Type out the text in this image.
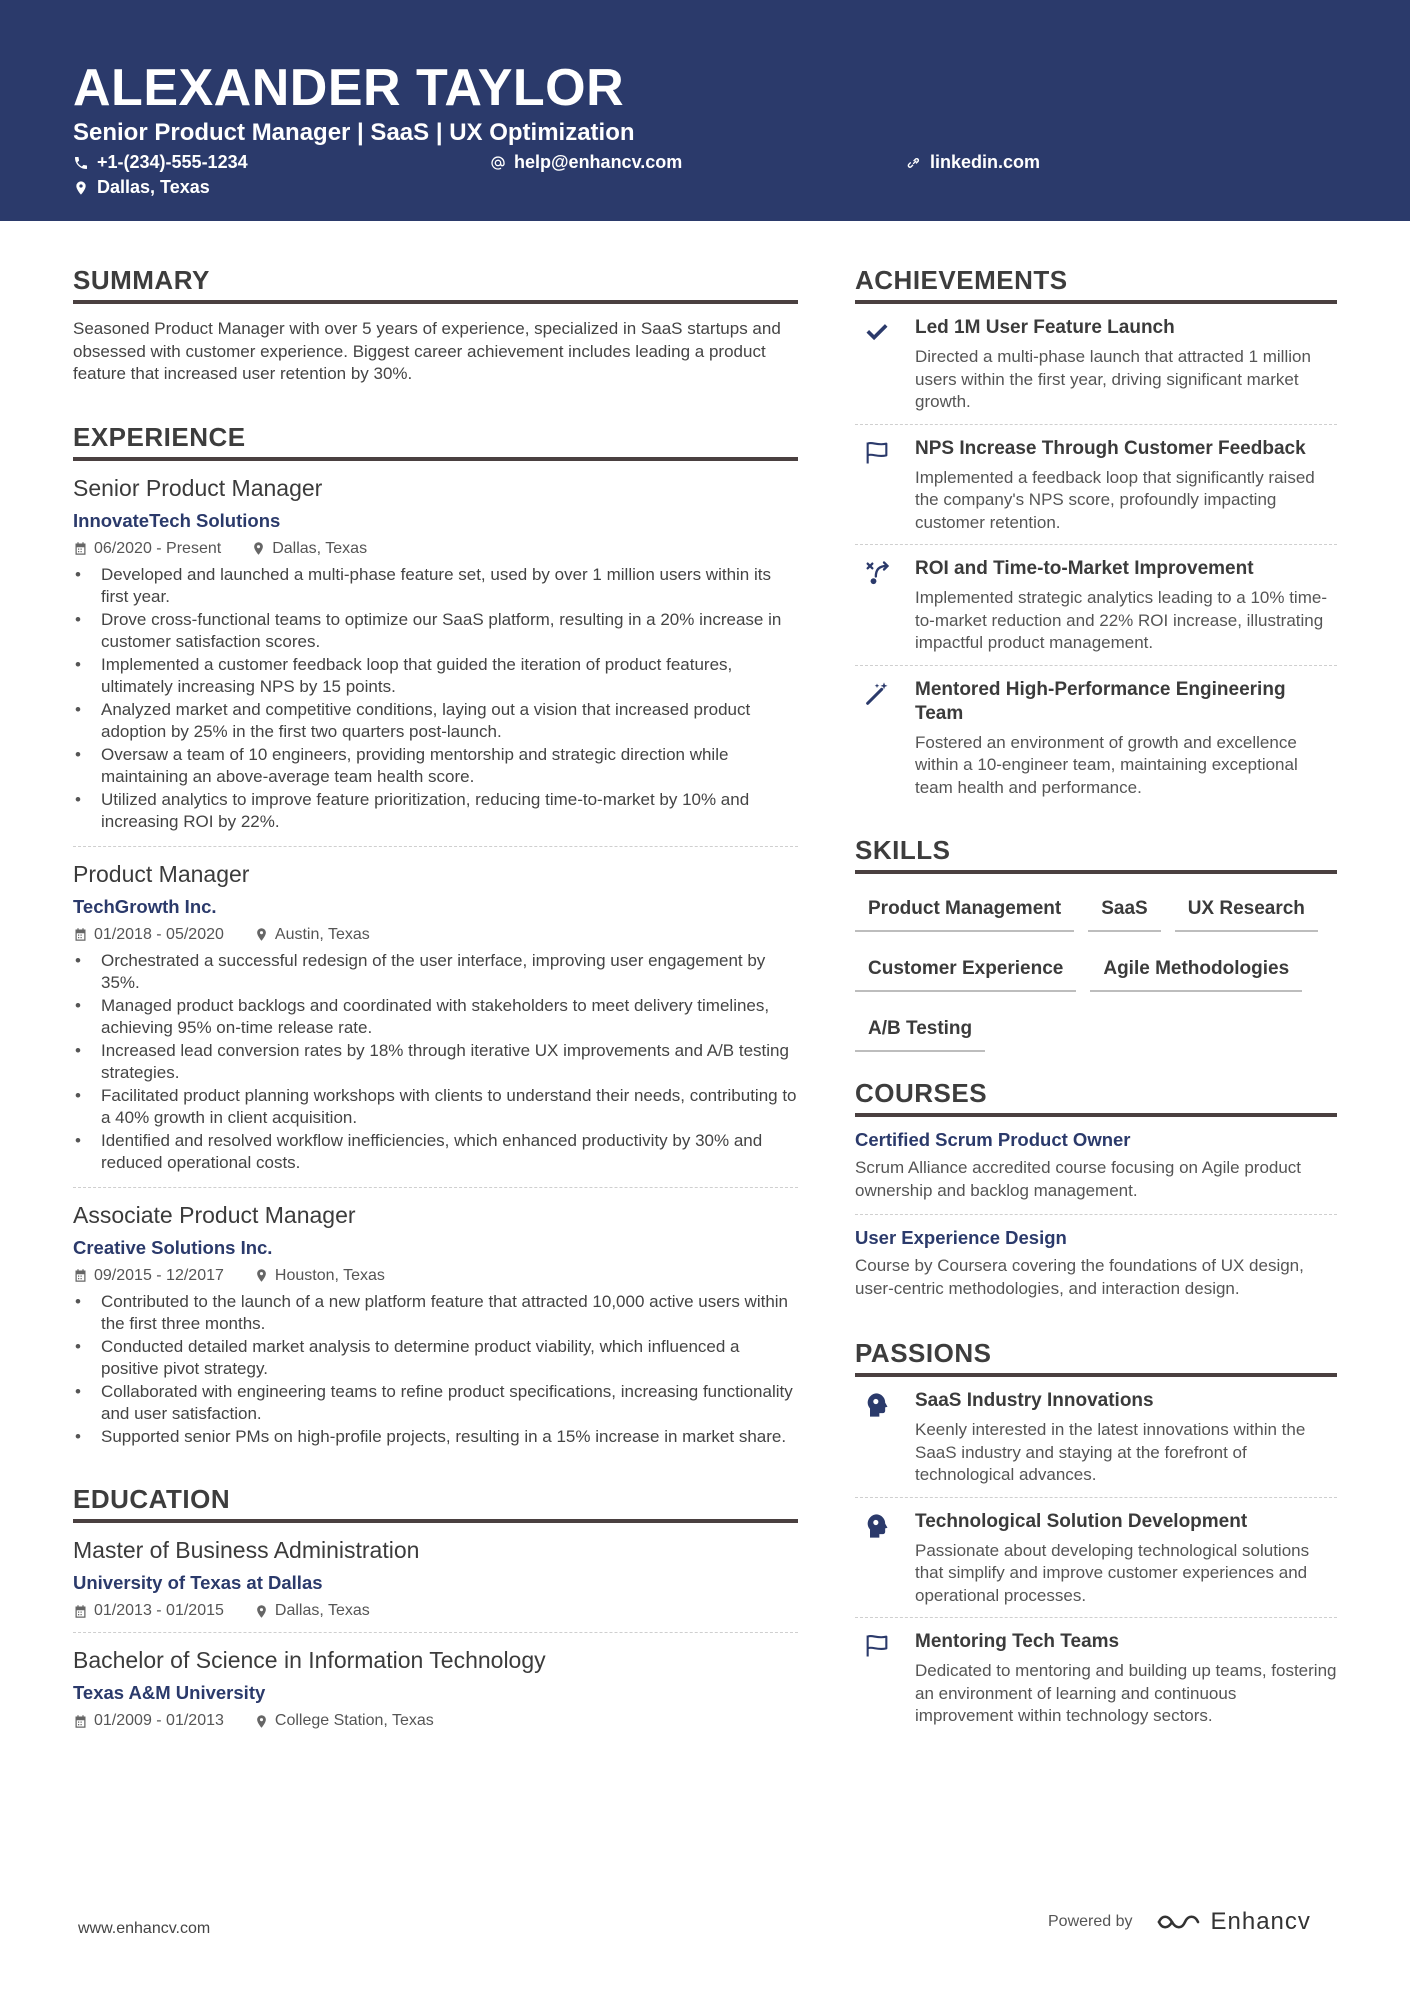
ALEXANDER TAYLOR
Senior Product Manager | SaaS | UX Optimization
+1-(234)-555-1234	help@enhancv.com	linkedin.com
Dallas, Texas
SUMMARY
Seasoned Product Manager with over 5 years of experience, specialized in SaaS startups and obsessed with customer experience. Biggest career achievement includes leading a product feature that increased user retention by 30%.
EXPERIENCE
Senior Product Manager
InnovateTech Solutions
06/2020 - Present	Dallas, Texas
• Developed and launched a multi-phase feature set, used by over 1 million users within its first year.
• Drove cross-functional teams to optimize our SaaS platform, resulting in a 20% increase in customer satisfaction scores.
• Implemented a customer feedback loop that guided the iteration of product features, ultimately increasing NPS by 15 points.
• Analyzed market and competitive conditions, laying out a vision that increased product adoption by 25% in the first two quarters post-launch.
• Oversaw a team of 10 engineers, providing mentorship and strategic direction while maintaining an above-average team health score.
• Utilized analytics to improve feature prioritization, reducing time-to-market by 10% and increasing ROI by 22%.
Product Manager
TechGrowth Inc.
01/2018 - 05/2020	Austin, Texas
• Orchestrated a successful redesign of the user interface, improving user engagement by 35%.
• Managed product backlogs and coordinated with stakeholders to meet delivery timelines, achieving 95% on-time release rate.
• Increased lead conversion rates by 18% through iterative UX improvements and A/B testing strategies.
• Facilitated product planning workshops with clients to understand their needs, contributing to a 40% growth in client acquisition.
• Identified and resolved workflow inefficiencies, which enhanced productivity by 30% and reduced operational costs.
Associate Product Manager
Creative Solutions Inc.
09/2015 - 12/2017	Houston, Texas
• Contributed to the launch of a new platform feature that attracted 10,000 active users within the first three months.
• Conducted detailed market analysis to determine product viability, which influenced a positive pivot strategy.
• Collaborated with engineering teams to refine product specifications, increasing functionality and user satisfaction.
• Supported senior PMs on high-profile projects, resulting in a 15% increase in market share.
EDUCATION
Master of Business Administration
University of Texas at Dallas
01/2013 - 01/2015	Dallas, Texas
Bachelor of Science in Information Technology
Texas A&M University
01/2009 - 01/2013	College Station, Texas
ACHIEVEMENTS
Led 1M User Feature Launch
Directed a multi-phase launch that attracted 1 million users within the first year, driving significant market growth.
NPS Increase Through Customer Feedback
Implemented a feedback loop that significantly raised the company's NPS score, profoundly impacting customer retention.
ROI and Time-to-Market Improvement
Implemented strategic analytics leading to a 10% time-to-market reduction and 22% ROI increase, illustrating impactful product management.
Mentored High-Performance Engineering Team
Fostered an environment of growth and excellence within a 10-engineer team, maintaining exceptional team health and performance.
SKILLS
Product Management	SaaS	UX Research
Customer Experience	Agile Methodologies
A/B Testing
COURSES
Certified Scrum Product Owner
Scrum Alliance accredited course focusing on Agile product ownership and backlog management.
User Experience Design
Course by Coursera covering the foundations of UX design, user-centric methodologies, and interaction design.
PASSIONS
SaaS Industry Innovations
Keenly interested in the latest innovations within the SaaS industry and staying at the forefront of technological advances.
Technological Solution Development
Passionate about developing technological solutions that simplify and improve customer experiences and operational processes.
Mentoring Tech Teams
Dedicated to mentoring and building up teams, fostering an environment of learning and continuous improvement within technology sectors.
www.enhancv.com	Powered by	Enhancv
